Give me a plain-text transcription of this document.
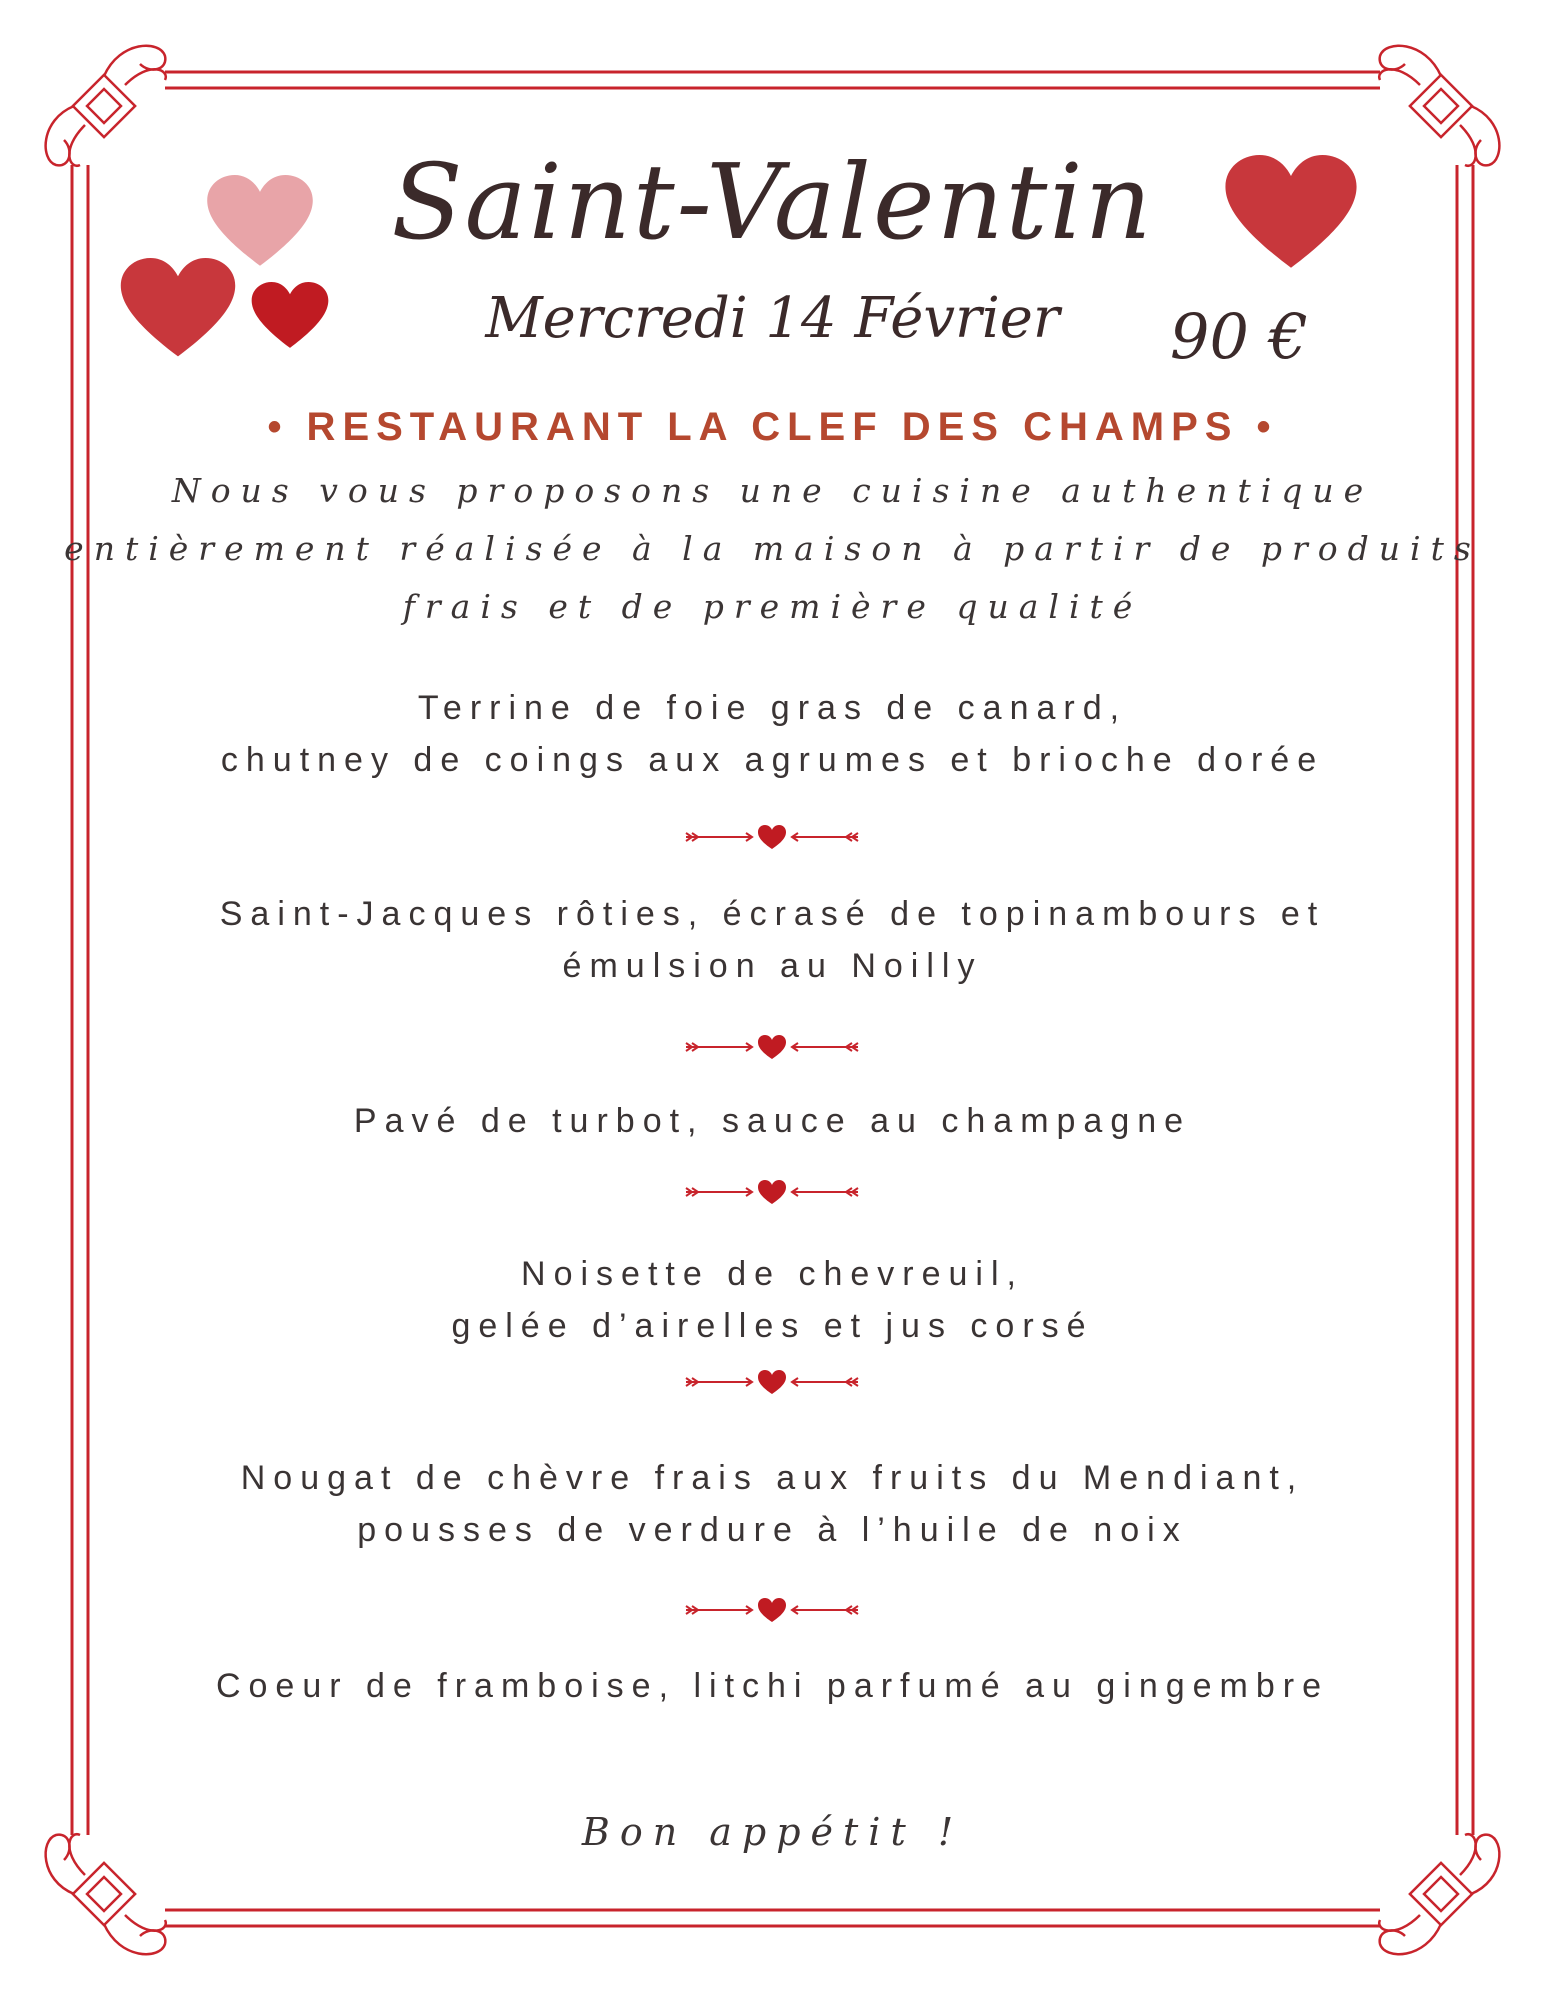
Saint-Valentin
Mercredi 14 Février	90 €
• RESTAURANT LA CLEF DES CHAMPS •
Nous vous proposons une cuisine authentique
entièrement réalisée à la maison à partir de produits
frais et de première qualité
Terrine de foie gras de canard,
chutney de coings aux agrumes et brioche dorée
Saint-Jacques rôties, écrasé de topinambours et
émulsion au Noilly
Pavé de turbot, sauce au champagne
Noisette de chevreuil,
gelée d’airelles et jus corsé
Nougat de chèvre frais aux fruits du Mendiant,
pousses de verdure à l’huile de noix
Coeur de framboise, litchi parfumé au gingembre
Bon appétit !
